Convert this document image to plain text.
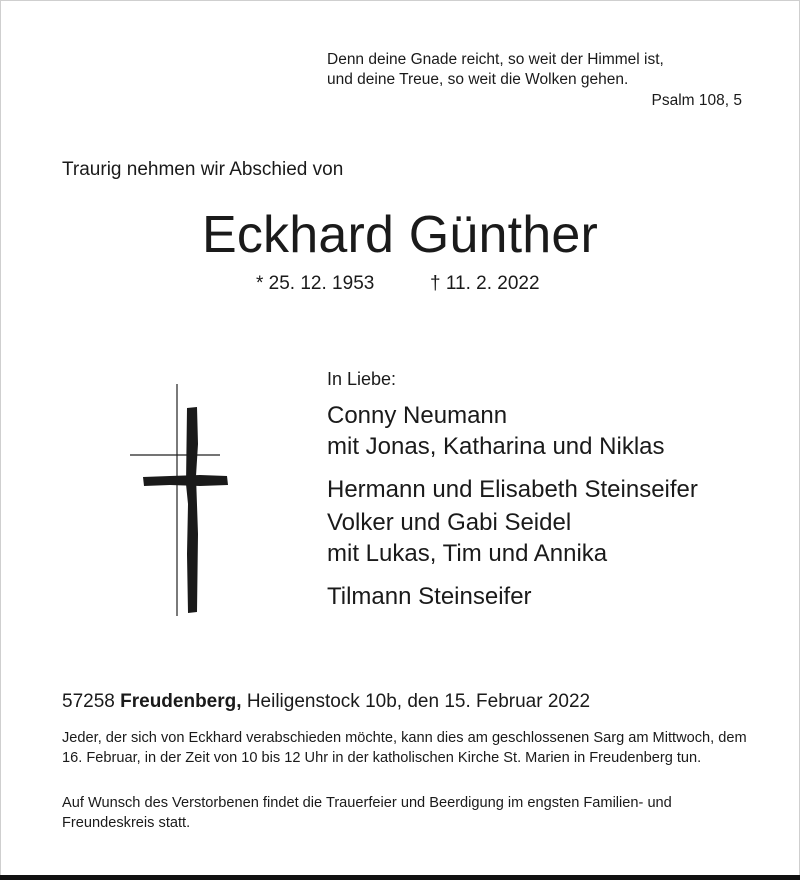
Denn deine Gnade reicht, so weit der Himmel ist,
und deine Treue, so weit die Wolken gehen.
Psalm 108, 5
Traurig nehmen wir Abschied von
Eckhard Günther
* 25. 12. 1953	† 11. 2. 2022
In Liebe:
Conny Neumann
mit Jonas, Katharina und Niklas
Hermann und Elisabeth Steinseifer
Volker und Gabi Seidel
mit Lukas, Tim und Annika
Tilmann Steinseifer
57258 Freudenberg, Heiligenstock 10b, den 15. Februar 2022
Jeder, der sich von Eckhard verabschieden möchte, kann dies am geschlossenen Sarg am Mittwoch, dem 16. Februar, in der Zeit von 10 bis 12 Uhr in der katholischen Kirche St. Marien in Freudenberg tun.
Auf Wunsch des Verstorbenen findet die Trauerfeier und Beerdigung im engsten Familien- und Freundeskreis statt.
